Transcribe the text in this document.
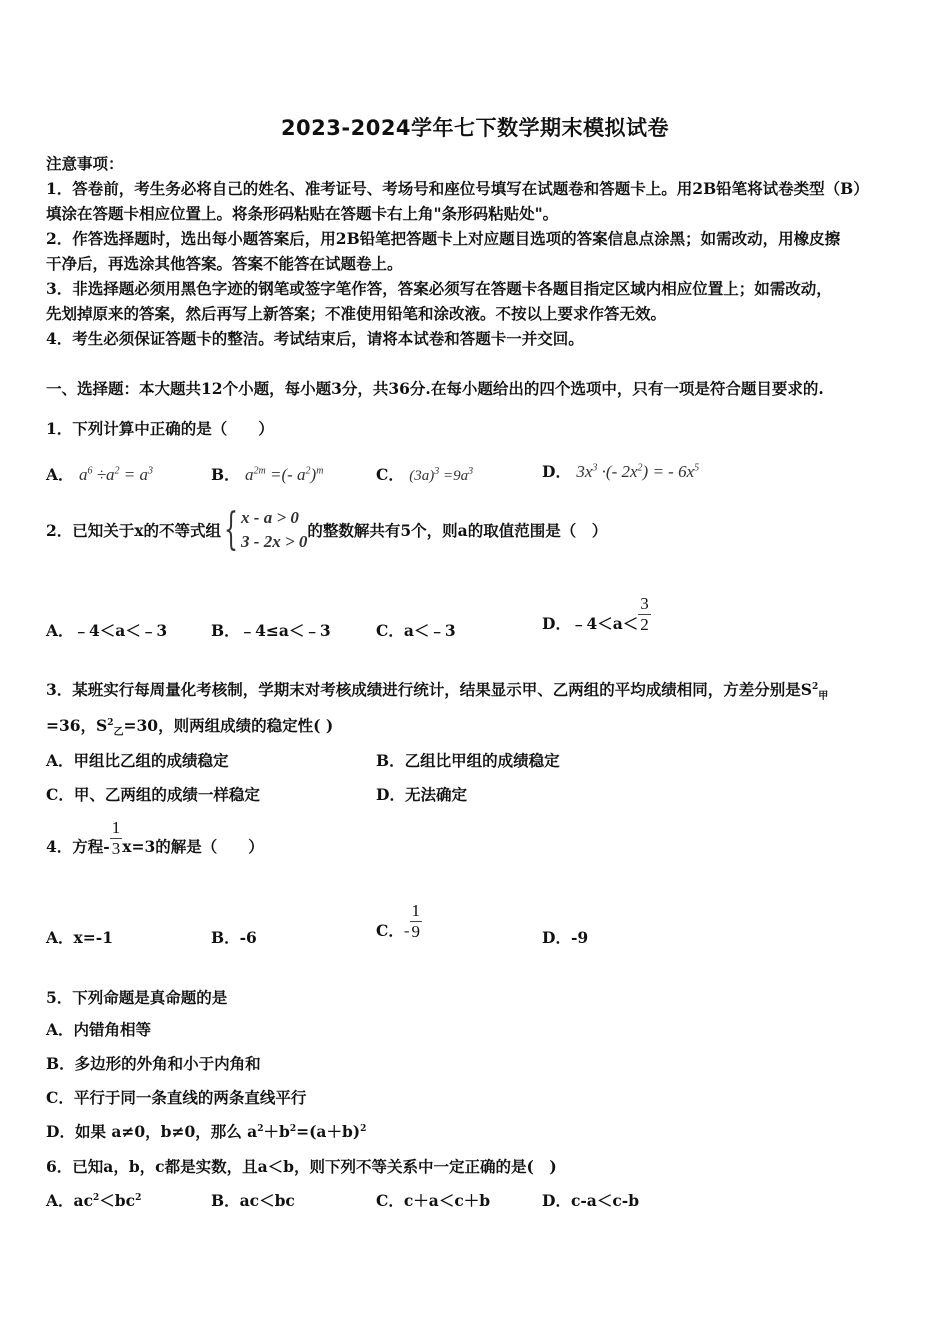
2023-2024学年七下数学期末模拟试卷
注意事项：
1．答卷前，考生务必将自己的姓名、准考证号、考场号和座位号填写在试题卷和答题卡上。用2B铅笔将试卷类型（B）
填涂在答题卡相应位置上。将条形码粘贴在答题卡右上角"条形码粘贴处"。
2．作答选择题时，选出每小题答案后，用2B铅笔把答题卡上对应题目选项的答案信息点涂黑；如需改动，用橡皮擦
干净后，再选涂其他答案。答案不能答在试题卷上。
3．非选择题必须用黑色字迹的钢笔或签字笔作答，答案必须写在答题卡各题目指定区域内相应位置上；如需改动，
先划掉原来的答案，然后再写上新答案；不准使用铅笔和涂改液。不按以上要求作答无效。
4．考生必须保证答题卡的整洁。考试结束后，请将本试卷和答题卡一并交回。
一、选择题：本大题共12个小题，每小题3分，共36分.在每小题给出的四个选项中，只有一项是符合题目要求的.
1．下列计算中正确的是（　　）
A． $a^6 \div a^2 = a^3$	B． $a^{2m}$ =(- $a^2)^m$	C． $(3a)^3 =9a^3$	D． $3x^3$ ·(- $2x^2$) = - $6x^5$
2．已知关于x的不等式组 { x - a > 0
3 - 2x > 0
的整数解共有5个，则a的取值范围是（　）
A．﹣4＜a＜﹣3	B．﹣4≤a＜﹣3	C．a＜﹣3	D．﹣4＜a＜ $\frac{3}{2}$
3．某班实行每周量化考核制，学期末对考核成绩进行统计，结果显示甲、乙两组的平均成绩相同，方差分别是$S^2_甲$
=36，$S^2_乙=30$，则两组成绩的稳定性( )
A．甲组比乙组的成绩稳定	B．乙组比甲组的成绩稳定
C．甲、乙两组的成绩一样稳定	D．无法确定
4．方程- $\frac{1}{3} x=3$的解是（　　）
A．x=-1	B．-6	C． - $\frac{1}{9}$	D．-9
5．下列命题是真命题的是
A．内错角相等
B．多边形的外角和小于内角和
C．平行于同一条直线的两条直线平行
D．如果 a≠0，b≠0，那么 $a^2+b^2=(a+b)^2$
6．已知a，b，c都是实数，且a＜b，则下列不等关系中一定正确的是(　)
A．$ac^2<bc^2$	B．ac＜bc	C．c＋a＜c＋b	D．c-a＜c-b
